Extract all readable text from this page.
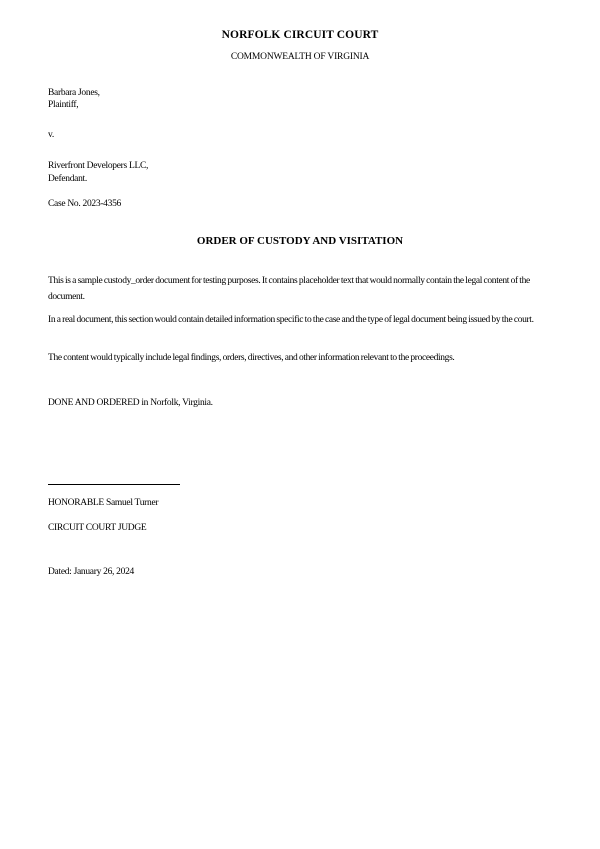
NORFOLK CIRCUIT COURT
COMMONWEALTH OF VIRGINIA
Barbara Jones,
Plaintiff,
v.
Riverfront Developers LLC,
Defendant.
Case No. 2023-4356
ORDER OF CUSTODY AND VISITATION
This is a sample custody_order document for testing purposes. It contains placeholder text that would normally contain the legal content of the document.
In a real document, this section would contain detailed information specific to the case and the type of legal document being issued by the court.
The content would typically include legal findings, orders, directives, and other information relevant to the proceedings.
DONE AND ORDERED in Norfolk, Virginia.
HONORABLE Samuel Turner
CIRCUIT COURT JUDGE
Dated: January 26, 2024
